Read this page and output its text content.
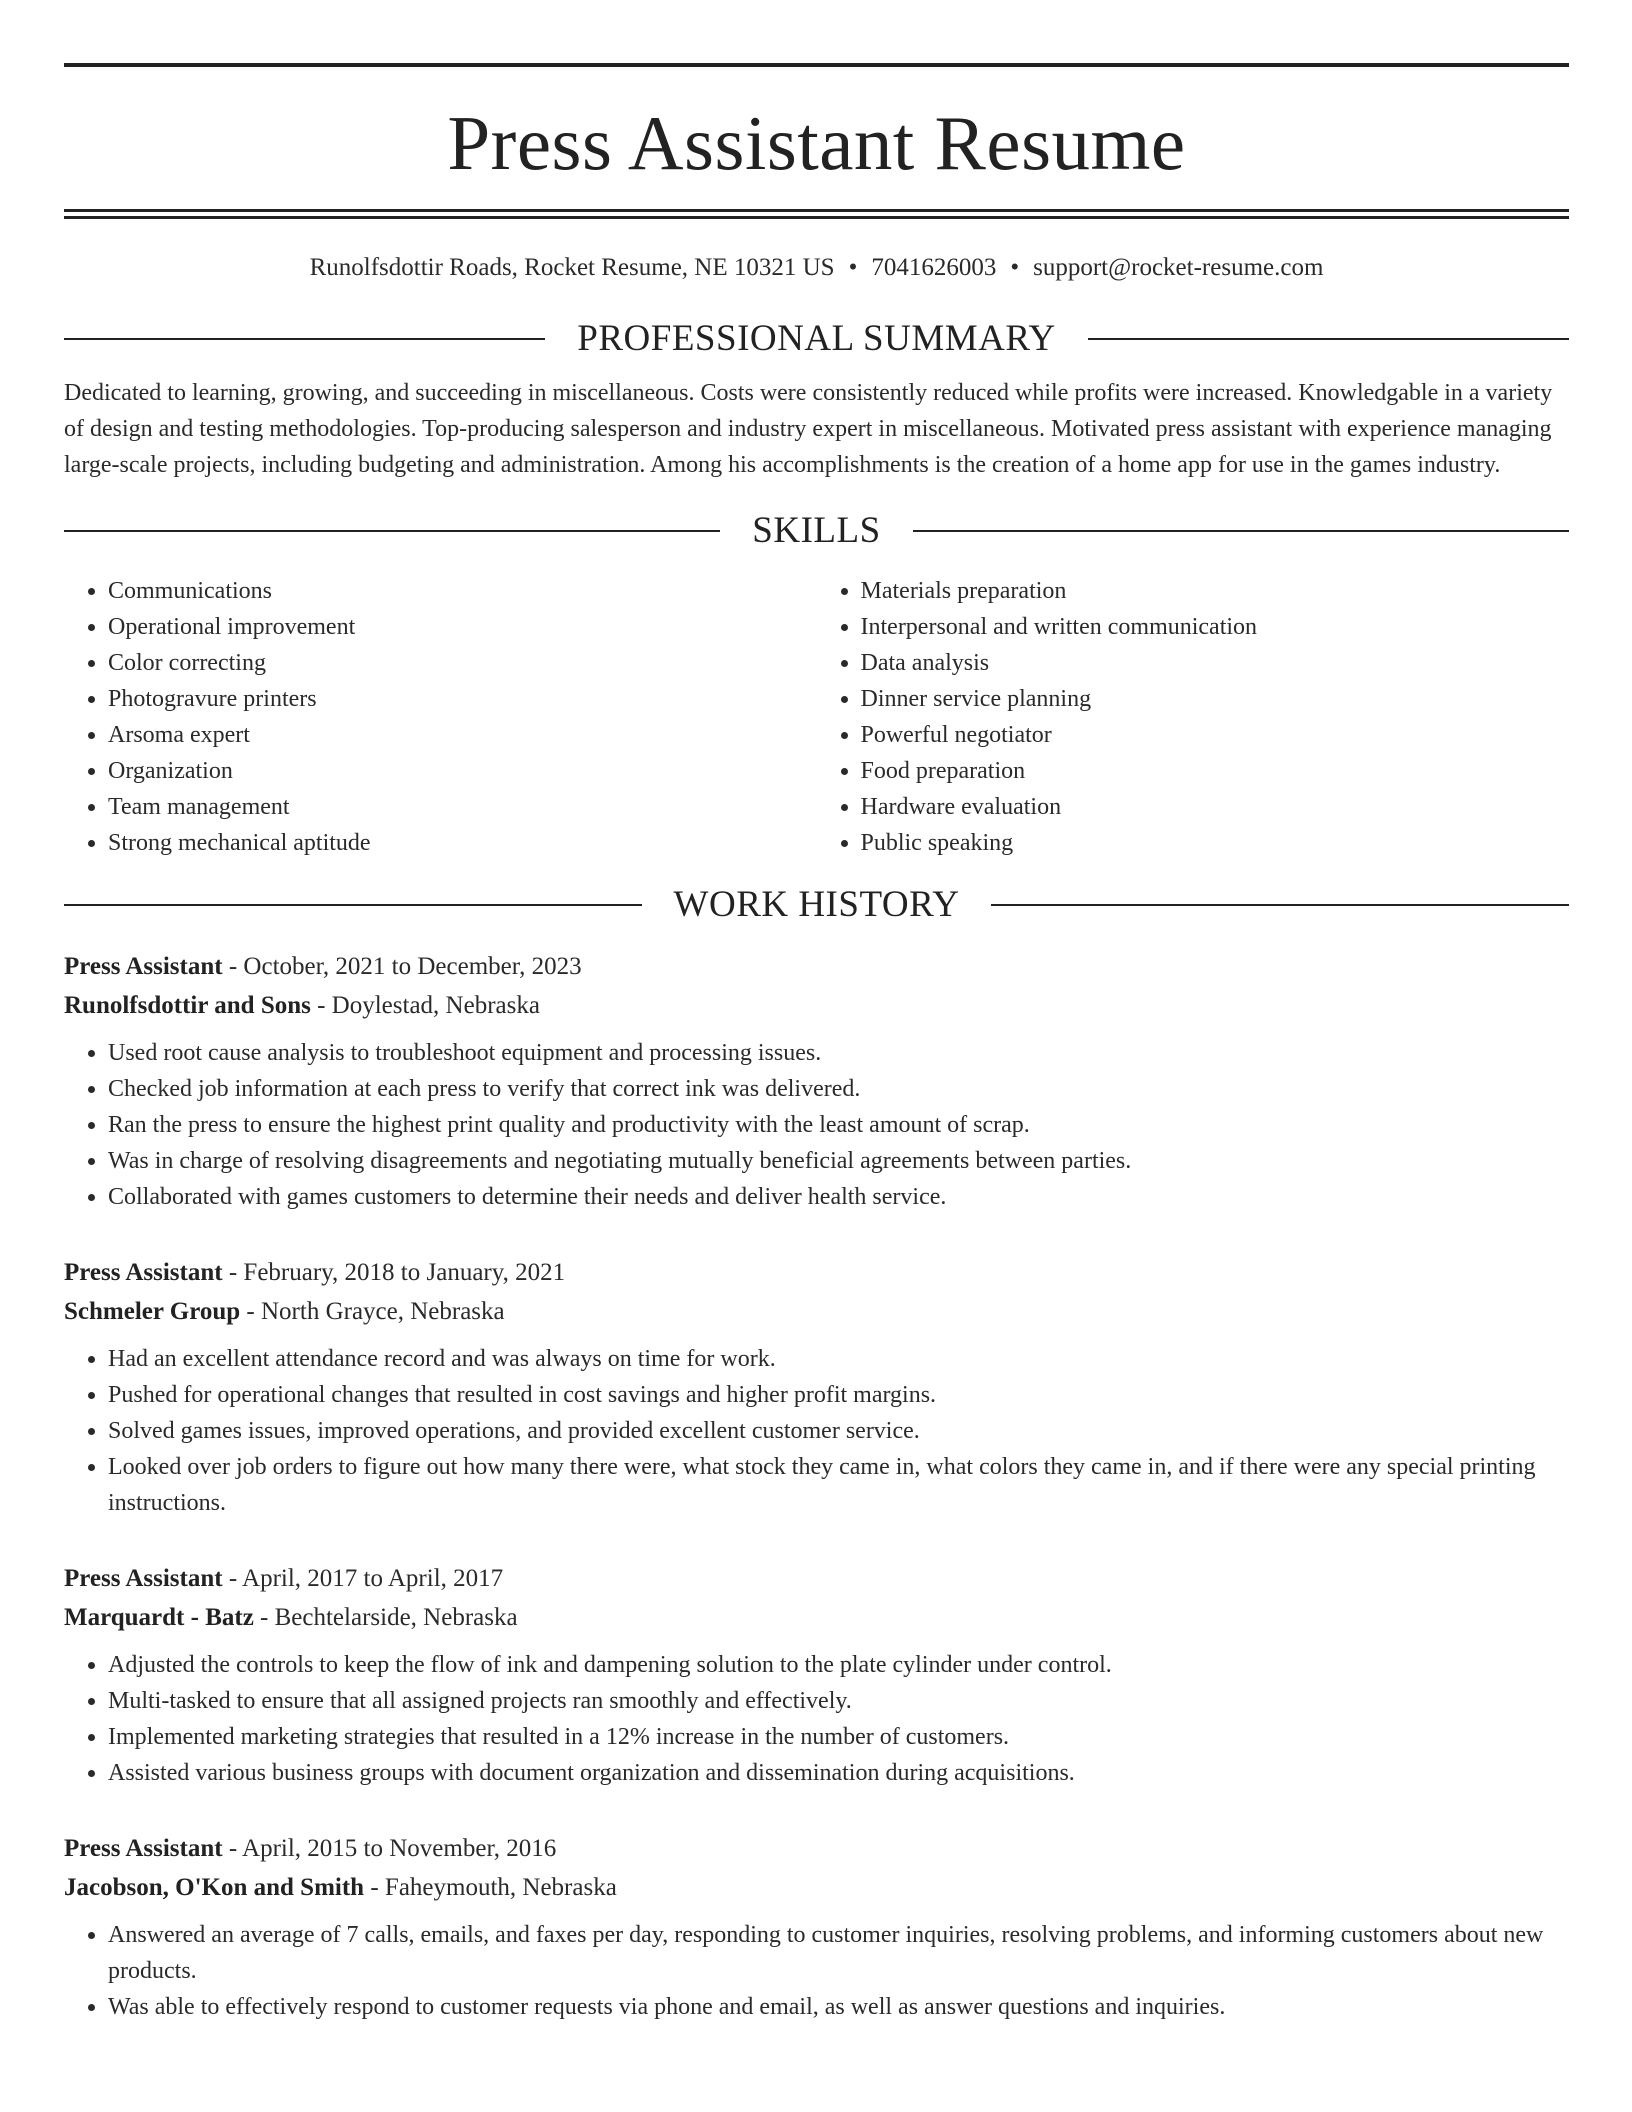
Press Assistant Resume
Runolfsdottir Roads, Rocket Resume, NE 10321 US • 7041626003 • support@rocket-resume.com
PROFESSIONAL SUMMARY
Dedicated to learning, growing, and succeeding in miscellaneous. Costs were consistently reduced while profits were increased. Knowledgable in a variety of design and testing methodologies. Top-producing salesperson and industry expert in miscellaneous. Motivated press assistant with experience managing large-scale projects, including budgeting and administration. Among his accomplishments is the creation of a home app for use in the games industry.
SKILLS
• Communications
• Operational improvement
• Color correcting
• Photogravure printers
• Arsoma expert
• Organization
• Team management
• Strong mechanical aptitude
• Materials preparation
• Interpersonal and written communication
• Data analysis
• Dinner service planning
• Powerful negotiator
• Food preparation
• Hardware evaluation
• Public speaking
WORK HISTORY
Press Assistant - October, 2021 to December, 2023
Runolfsdottir and Sons - Doylestad, Nebraska
• Used root cause analysis to troubleshoot equipment and processing issues.
• Checked job information at each press to verify that correct ink was delivered.
• Ran the press to ensure the highest print quality and productivity with the least amount of scrap.
• Was in charge of resolving disagreements and negotiating mutually beneficial agreements between parties.
• Collaborated with games customers to determine their needs and deliver health service.
Press Assistant - February, 2018 to January, 2021
Schmeler Group - North Grayce, Nebraska
• Had an excellent attendance record and was always on time for work.
• Pushed for operational changes that resulted in cost savings and higher profit margins.
• Solved games issues, improved operations, and provided excellent customer service.
• Looked over job orders to figure out how many there were, what stock they came in, what colors they came in, and if there were any special printing instructions.
Press Assistant - April, 2017 to April, 2017
Marquardt - Batz - Bechtelarside, Nebraska
• Adjusted the controls to keep the flow of ink and dampening solution to the plate cylinder under control.
• Multi-tasked to ensure that all assigned projects ran smoothly and effectively.
• Implemented marketing strategies that resulted in a 12% increase in the number of customers.
• Assisted various business groups with document organization and dissemination during acquisitions.
Press Assistant - April, 2015 to November, 2016
Jacobson, O'Kon and Smith - Faheymouth, Nebraska
• Answered an average of 7 calls, emails, and faxes per day, responding to customer inquiries, resolving problems, and informing customers about new products.
• Was able to effectively respond to customer requests via phone and email, as well as answer questions and inquiries.
